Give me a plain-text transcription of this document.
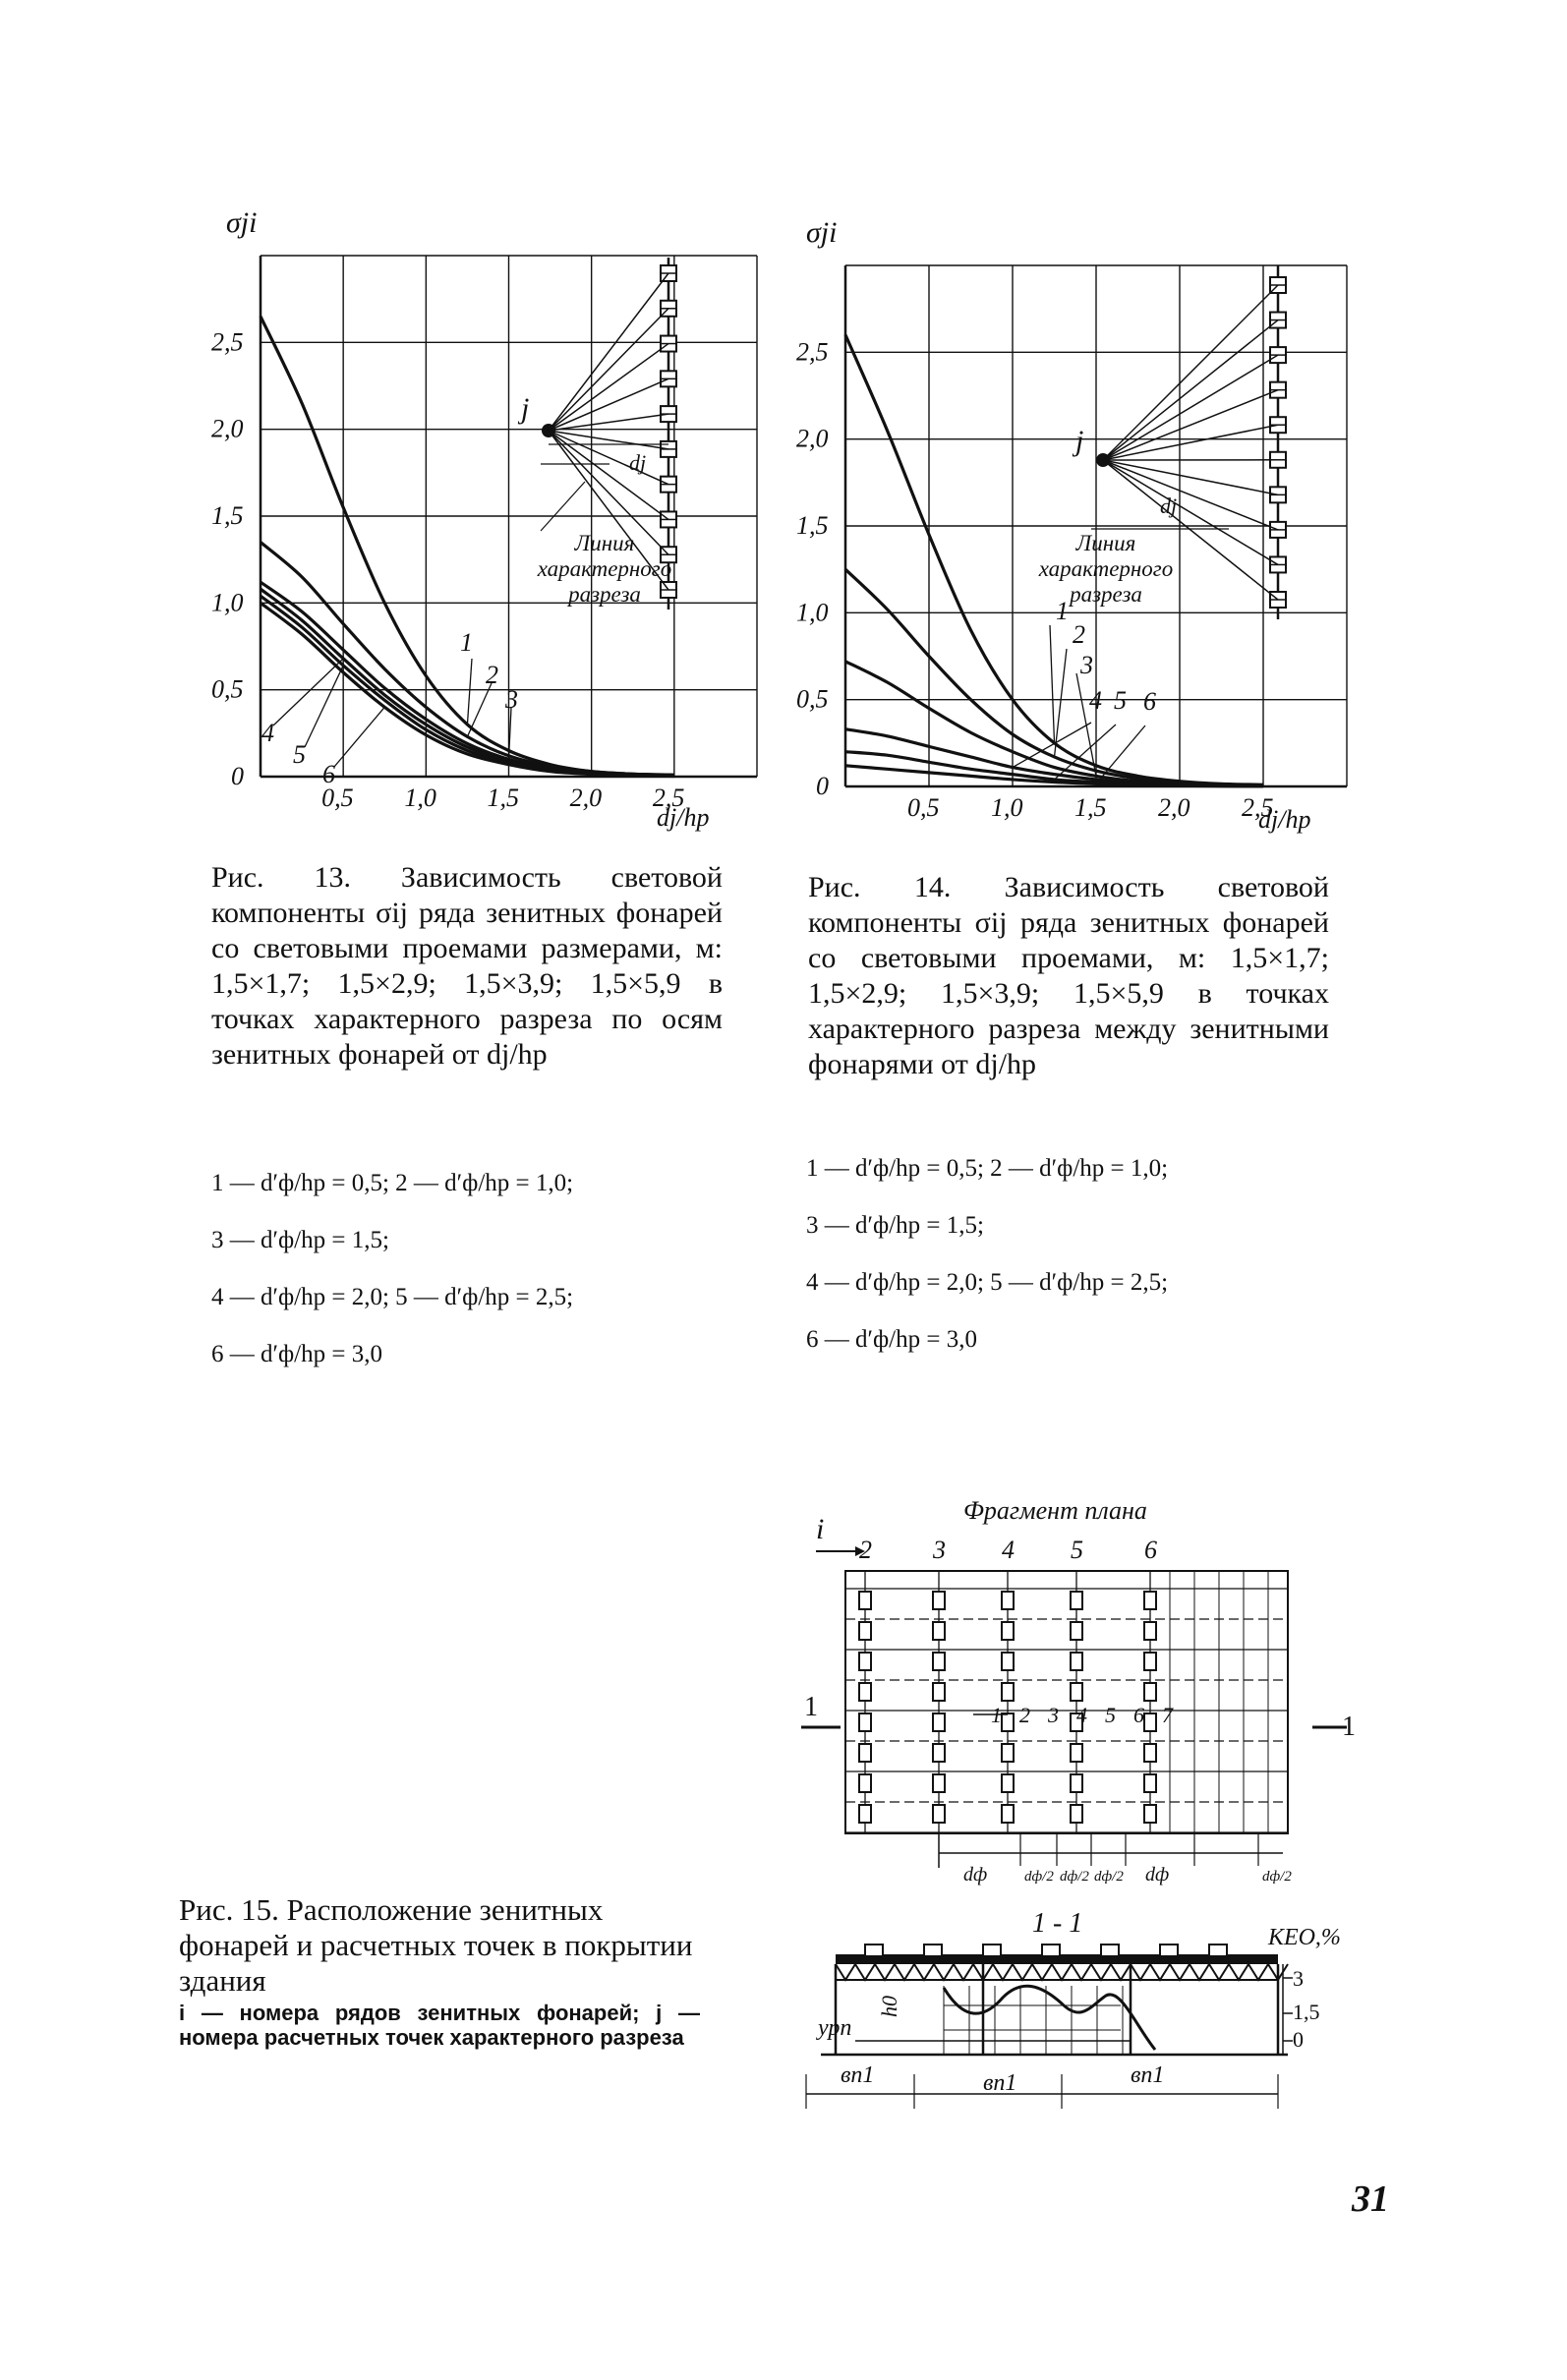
0,5 1,0 1,5 2,0 2,5
0,5
1,0
1,5
2,0
2,5
0
1
2
3
4
5
6
σji
dj/hp
j
dj
Линия характерного разреза
Рис. 13. Зависимость световой компоненты σij ряда зенитных фонарей со световыми проемами размерами, м: 1,5×1,7; 1,5×2,9; 1,5×3,9; 1,5×5,9 в точках характерного разреза по осям зенитных фонарей от dj/hp
1 — d′ф/hр = 0,5; 2 — d′ф/hр = 1,0;
3 — d′ф/hр = 1,5;
4 — d′ф/hр = 2,0; 5 — d′ф/hр = 2,5;
6 — d′ф/hр = 3,0
0,5 1,0 1,5 2,0 2,5
0,5
1,0
1,5
2,0
2,5
0
1
2
3
4 5 6
σji
dj/hp
j
dj
Линия характерного разреза
Рис. 14. Зависимость световой компоненты σij ряда зенитных фонарей со световыми проемами, м: 1,5×1,7; 1,5×2,9; 1,5×3,9; 1,5×5,9 в точках характерного разреза между зенитными фонарями от dj/hp
1 — d′ф/hр = 0,5; 2 — d′ф/hр = 1,0;
3 — d′ф/hр = 1,5;
4 — d′ф/hр = 2,0; 5 — d′ф/hр = 2,5;
6 — d′ф/hр = 3,0
Фрагмент плана
i
2 3 4 5 6
1 2 3 4 5 6 7
dф	dф/2 dф/2 dф/2 dф	dф/2
1
1
1 - 1	КЕО,%
3
1,5
0
урп
h0
вп1	вп1	вп1
Рис. 15. Расположение зенитных фонарей и расчетных точек в покрытии здания
i — номера рядов зенитных фонарей; j — номера расчетных точек характерного разреза
31
